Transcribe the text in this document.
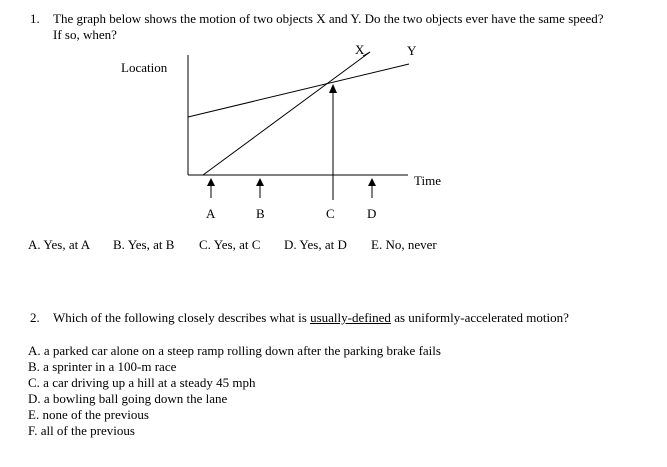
1. The graph below shows the motion of two objects X and Y. Do the two objects ever have the same speed?
If so, when?
Location
Time
X	Y
A	B	C D
A. Yes, at A B. Yes, at B C. Yes, at C D. Yes, at D E. No, never
2. Which of the following closely describes what is usually-defined as uniformly-accelerated motion?
A. a parked car alone on a steep ramp rolling down after the parking brake fails
B. a sprinter in a 100-m race
C. a car driving up a hill at a steady 45 mph
D. a bowling ball going down the lane
E. none of the previous
F. all of the previous
